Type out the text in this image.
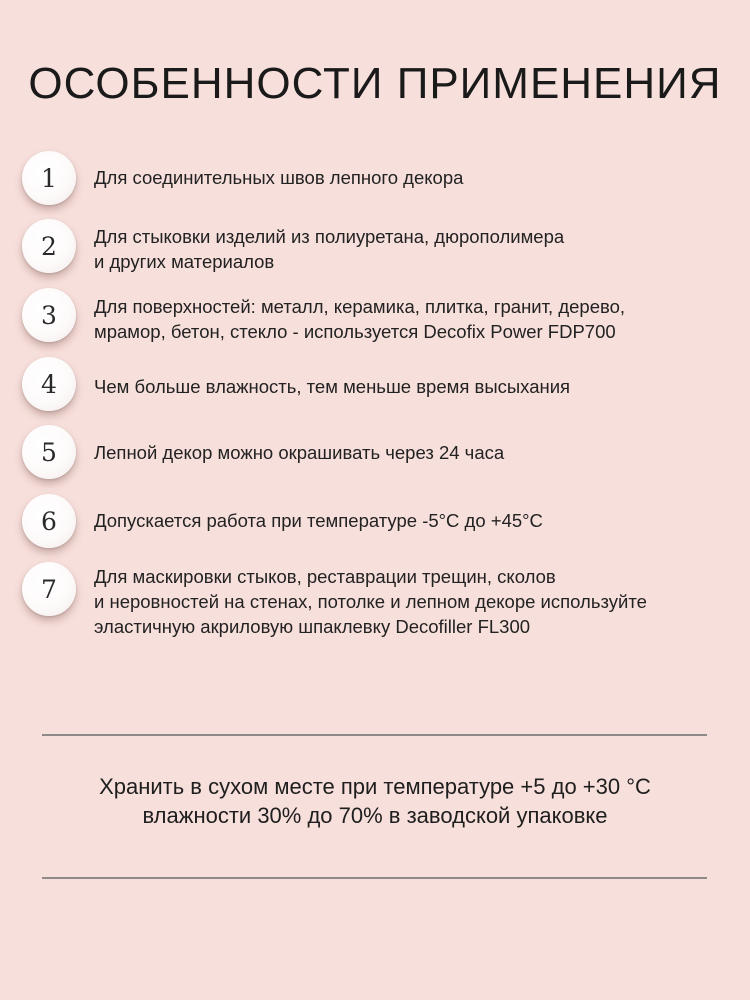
ОСОБЕННОСТИ ПРИМЕНЕНИЯ
1	Для соединительных швов лепного декора
2	Для стыковки изделий из полиуретана, дюрополимера
и других материалов
3	Для поверхностей: металл, керамика, плитка, гранит, дерево,
мрамор, бетон, стекло - используется Decofix Power FDP700
4	Чем больше влажность, тем меньше время высыхания
5	Лепной декор можно окрашивать через 24 часа
6	Допускается работа при температуре -5°С до +45°С
7	Для маскировки стыков, реставрации трещин, сколов
и неровностей на стенах, потолке и лепном декоре используйте
эластичную акриловую шпаклевку Decofiller FL300
Хранить в сухом месте при температуре +5 до +30 °С
влажности 30% до 70% в заводской упаковке
